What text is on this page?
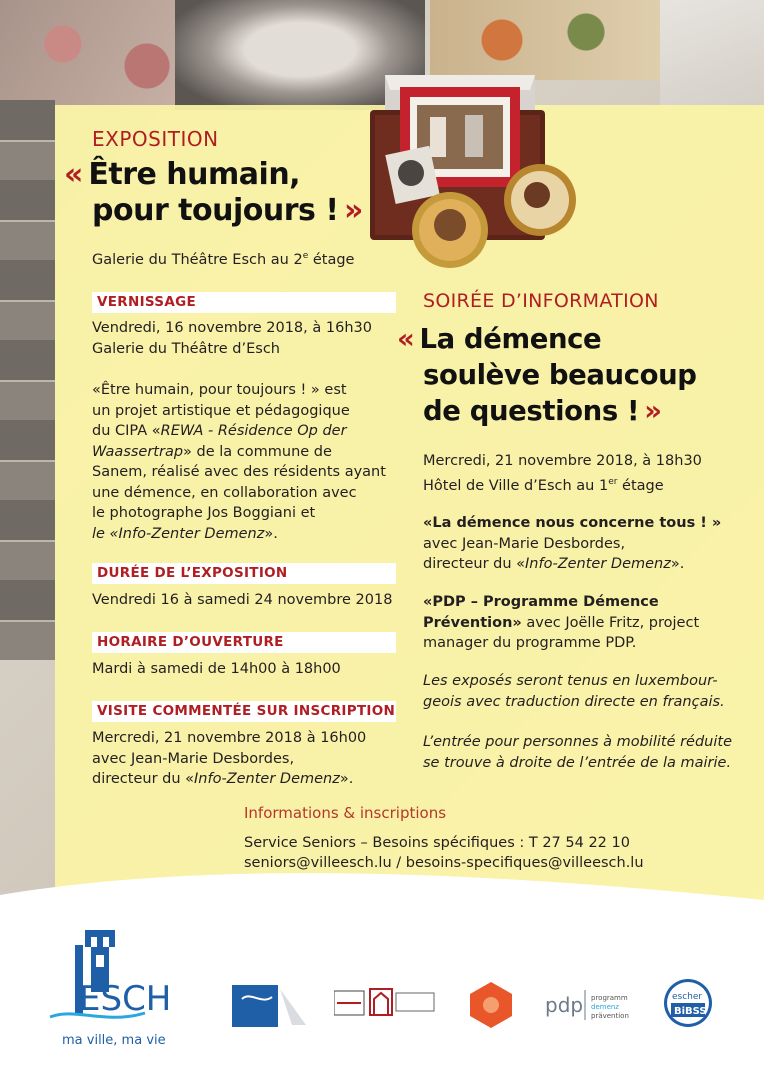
EXPOSITION
«  Être humain,
pour toujours !  »
Galerie du Théâtre Esch au 2e étage
VERNISSAGE
Vendredi, 16 novembre 2018, à 16h30
Galerie du Théâtre d’Esch
«Être humain, pour toujours ! » est
un projet artistique et pédagogique
du CIPA «REWA - Résidence Op der
Waassertrap» de la commune de
Sanem, réalisé avec des résidents ayant
une démence, en collaboration avec
le photographe Jos Boggiani et
le «Info-Zenter Demenz».
DURÉE DE L’EXPOSITION
Vendredi 16 à samedi 24 novembre 2018
HORAIRE D’OUVERTURE
Mardi à samedi de 14h00 à 18h00
VISITE COMMENTÉE SUR INSCRIPTION
Mercredi, 21 novembre 2018 à 16h00
avec Jean-Marie Desbordes,
directeur du «Info-Zenter Demenz».
SOIRÉE D’INFORMATION
«  La démence
soulève beaucoup
de questions !  »
Mercredi, 21 novembre 2018, à 18h30
Hôtel de Ville d’Esch au 1er étage
«La démence nous concerne tous ! »
avec Jean-Marie Desbordes,
directeur du «Info-Zenter Demenz».
«PDP – Programme Démence
Prévention» avec Joëlle Fritz, project
manager du programme PDP.
Les exposés seront tenus en luxembour-
geois avec traduction directe en français.
L’entrée pour personnes à mobilité réduite
se trouve à droite de l’entrée de la mairie.
Informations & inscriptions
Service Seniors – Besoins spécifiques : T 27 54 22 10
seniors@villeesch.lu / besoins-specifiques@villeesch.lu
ESCH
ma ville, ma vie
pdp programm
demenz
prävention
escher
BiBSS
